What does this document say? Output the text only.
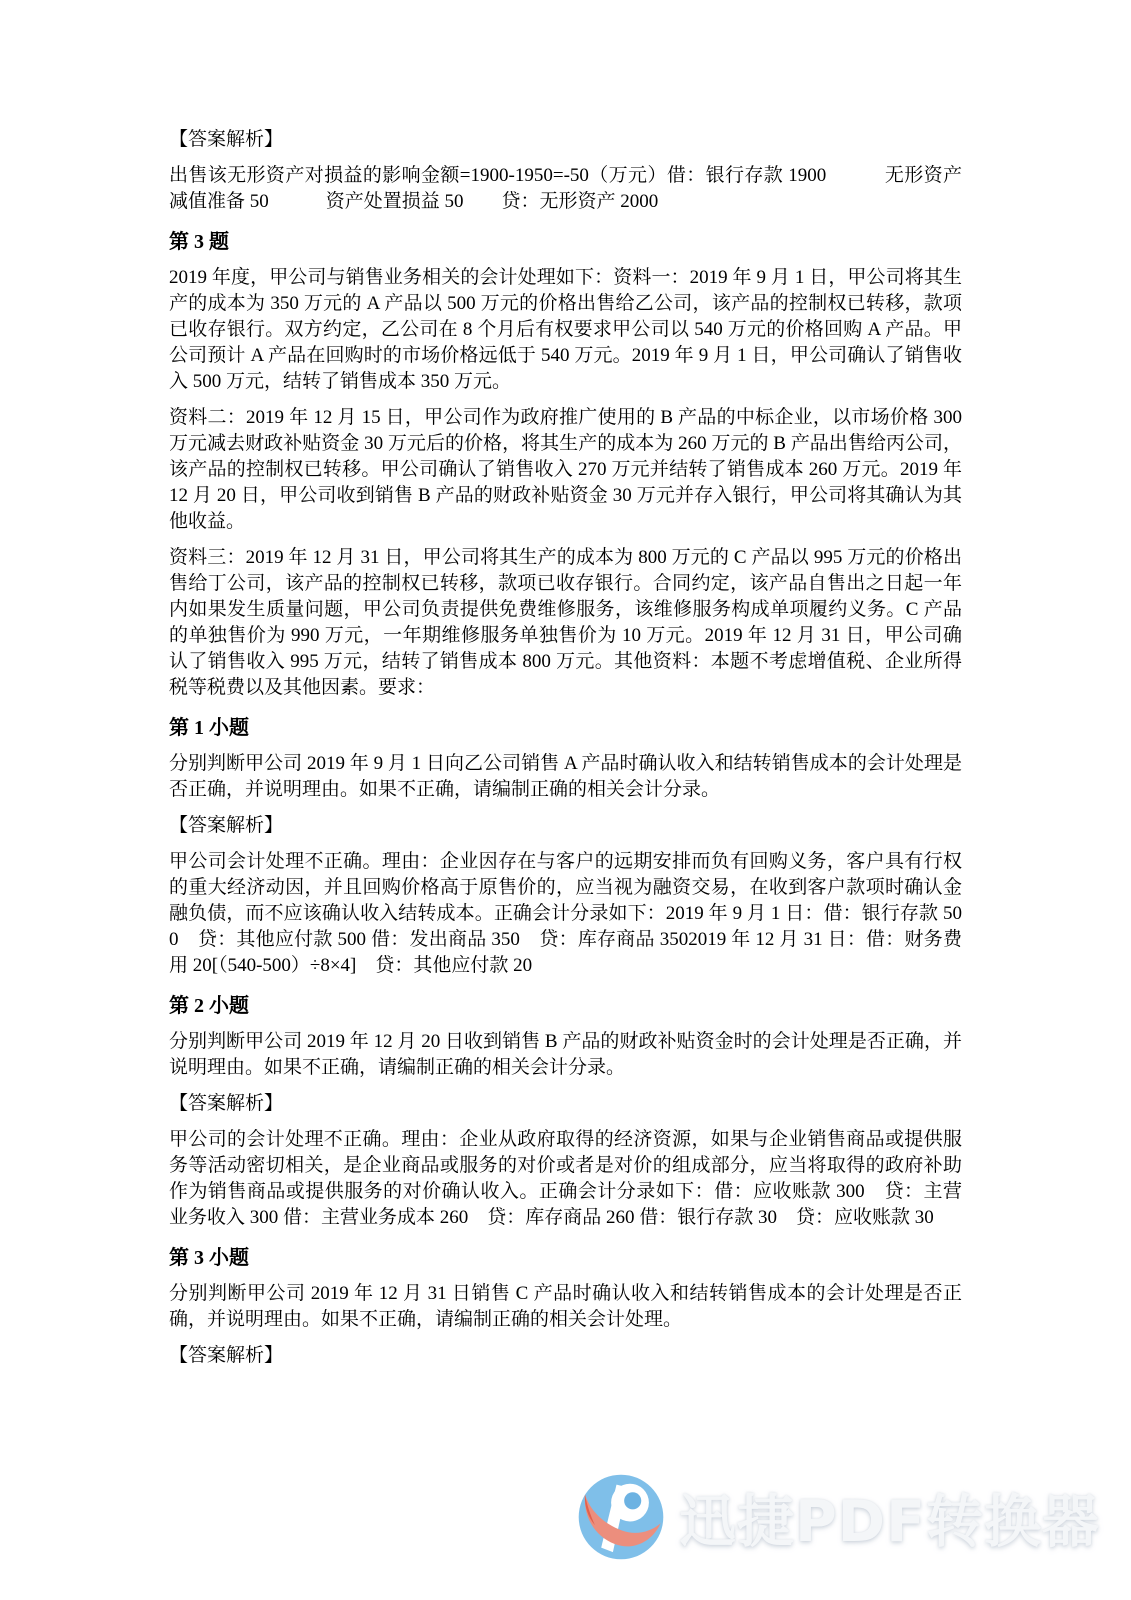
【答案解析】

出售该无形资产对损益的影响金额=1900-1950=-50（万元）借：银行存款 1900　　　无形资产减值准备 50　　　资产处置损益 50　　贷：无形资产 2000

第 3 题

2019 年度，甲公司与销售业务相关的会计处理如下：资料一：2019 年 9 月 1 日，甲公司将其生产的成本为 350 万元的 A 产品以 500 万元的价格出售给乙公司，该产品的控制权已转移，款项已收存银行。双方约定，乙公司在 8 个月后有权要求甲公司以 540 万元的价格回购 A 产品。甲公司预计 A 产品在回购时的市场价格远低于 540 万元。2019 年 9 月 1 日，甲公司确认了销售收入 500 万元，结转了销售成本 350 万元。

资料二：2019 年 12 月 15 日，甲公司作为政府推广使用的 B 产品的中标企业，以市场价格 300 万元减去财政补贴资金 30 万元后的价格，将其生产的成本为 260 万元的 B 产品出售给丙公司，该产品的控制权已转移。甲公司确认了销售收入 270 万元并结转了销售成本 260 万元。2019 年 12 月 20 日，甲公司收到销售 B 产品的财政补贴资金 30 万元并存入银行，甲公司将其确认为其他收益。

资料三：2019 年 12 月 31 日，甲公司将其生产的成本为 800 万元的 C 产品以 995 万元的价格出售给丁公司，该产品的控制权已转移，款项已收存银行。合同约定，该产品自售出之日起一年内如果发生质量问题，甲公司负责提供免费维修服务，该维修服务构成单项履约义务。C 产品的单独售价为 990 万元，一年期维修服务单独售价为 10 万元。2019 年 12 月 31 日，甲公司确认了销售收入 995 万元，结转了销售成本 800 万元。其他资料：本题不考虑增值税、企业所得税等税费以及其他因素。要求：

第 1 小题

分别判断甲公司 2019 年 9 月 1 日向乙公司销售 A 产品时确认收入和结转销售成本的会计处理是否正确，并说明理由。如果不正确，请编制正确的相关会计分录。

【答案解析】

甲公司会计处理不正确。理由：企业因存在与客户的远期安排而负有回购义务，客户具有行权的重大经济动因，并且回购价格高于原售价的，应当视为融资交易，在收到客户款项时确认金融负债，而不应该确认收入结转成本。正确会计分录如下：2019 年 9 月 1 日：借：银行存款 500　贷：其他应付款 500 借：发出商品 350　贷：库存商品 3502019 年 12 月 31 日：借：财务费用 20[（540-500）÷8×4]　贷：其他应付款 20

第 2 小题

分别判断甲公司 2019 年 12 月 20 日收到销售 B 产品的财政补贴资金时的会计处理是否正确，并说明理由。如果不正确，请编制正确的相关会计分录。

【答案解析】

甲公司的会计处理不正确。理由：企业从政府取得的经济资源，如果与企业销售商品或提供服务等活动密切相关，是企业商品或服务的对价或者是对价的组成部分，应当将取得的政府补助作为销售商品或提供服务的对价确认收入。正确会计分录如下：借：应收账款 300　贷：主营业务收入 300 借：主营业务成本 260　贷：库存商品 260 借：银行存款 30　贷：应收账款 30

第 3 小题

分别判断甲公司 2019 年 12 月 31 日销售 C 产品时确认收入和结转销售成本的会计处理是否正确，并说明理由。如果不正确，请编制正确的相关会计处理。

【答案解析】

迅捷PDF转换器
